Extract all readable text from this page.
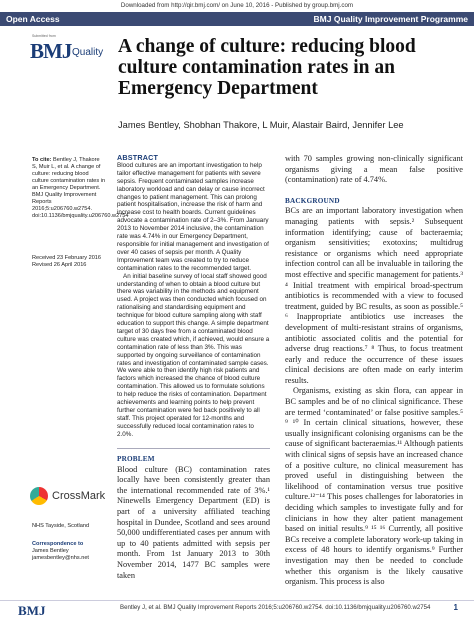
Downloaded from http://qir.bmj.com/ on June 10, 2016 - Published by group.bmj.com
Open Access	BMJ Quality Improvement Programme
Submitted from
BMJ Quality A change of culture: reducing blood culture contamination rates in an Emergency Department
James Bentley, Shobhan Thakore, L Muir, Alastair Baird, Jennifer Lee
To cite: Bentley J, Thakore S, Muir L, et al. A change of culture: reducing blood culture contamination rates in an Emergency Department. BMJ Quality Improvement Reports 2016;5:u206760.w2754. doi:10.1136/bmjquality.u206760.w2754
Received 23 February 2016
Revised 26 April 2016
CrossMark
NHS Tayside, Scotland
Correspondence to
James Bentley
jamesbentley@nhs.net
ABSTRACT
Blood cultures are an important investigation to help tailor effective management for patients with severe sepsis. Frequent contaminated samples increase laboratory workload and can delay or cause incorrect changes to patient management. This can prolong patient hospitalisation, increase the risk of harm and increase cost to health boards. Current guidelines advocate a contamination rate of 2–3%. From January 2013 to November 2014 inclusive, the contamination rate was 4.74% in our Emergency Department, responsible for initial management and investigation of over 40 cases of sepsis per month. A Quality Improvement team was created to try to reduce contamination rates to the recommended target.
An initial baseline survey of local staff showed good understanding of when to obtain a blood culture but there was variability in the methods and equipment used. A project was then conducted which focused on rationalising and standardising equipment and technique for blood culture sampling along with staff education to support this change. A simple department target of 30 days free from a contaminated blood culture was created which, if achieved, would ensure a contamination rate of less than 3%. This was supported by ongoing surveillance of contamination rates and investigation of contaminated sample cases. We were able to then identify high risk patients and factors which increased the chance of blood culture contamination. This allowed us to formulate solutions to help reduce the risks of contamination. Department achievements and learning points to help prevent further contamination were fed back positively to all staff. This project operated for 12-months and successfully reduced local contamination rates to 2.0%.
PROBLEM
Blood culture (BC) contamination rates locally have been consistently greater than the international recommended rate of 3%.¹ Ninewells Emergency Department (ED) is part of a university affiliated teaching hospital in Dundee, Scotland and sees around 50,000 undifferentiated cases per annum with up to 40 patients admitted with sepsis per month. From 1st January 2013 to 30th November 2014, 1477 BC samples were taken
with 70 samples growing non-clinically significant organisms giving a mean false positive (contamination) rate of 4.74%.
BACKGROUND
BCs are an important laboratory investigation when managing patients with sepsis.² Subsequent information identifying; cause of bacteraemia; organism sensitivities; exotoxins; multidrug resistance or organisms which need appropriate infection control can all be invaluable in tailoring the most effective and specific management for patients.³ ⁴ Initial treatment with empirical broad-spectrum antibiotics is recommended with a view to focused treatment, guided by BC results, as soon as possible.⁵ ⁶ Inappropriate antibiotics use increases the development of multi-resistant strains of organisms, antibiotic associated colitis and the potential for adverse drug reactions.⁷ ⁸ Thus, to focus treatment early and reduce the occurrence of these issues clinical decisions are often made on early interim results.
Organisms, existing as skin flora, can appear in BC samples and be of no clinical significance. These are termed ‘contaminated’ or false positive samples.⁵ ⁹ ¹⁰ In certain clinical situations, however, these usually insignificant colonising organisms can be the cause of significant bacteraemias.¹¹ Although patients with clinical signs of sepsis have an increased chance of a positive culture, no clinical measurement has proved useful in distinguishing between the likelihood of contamination versus true positive culture.¹²⁻¹⁴ This poses challenges for laboratories in deciding which samples to investigate fully and for clinicians in how they alter patient management based on initial results.⁹ ¹⁵ ¹⁶ Currently, all positive BCs receive a complete laboratory work-up taking in excess of 48 hours to identify organisms.⁹ Further investigation may then be needed to conclude whether this organism is the likely causative organism. This process is also
BMJ	Bentley J, et al. BMJ Quality Improvement Reports 2016;5:u206760.w2754. doi:10.1136/bmjquality.u206760.w2754	1
